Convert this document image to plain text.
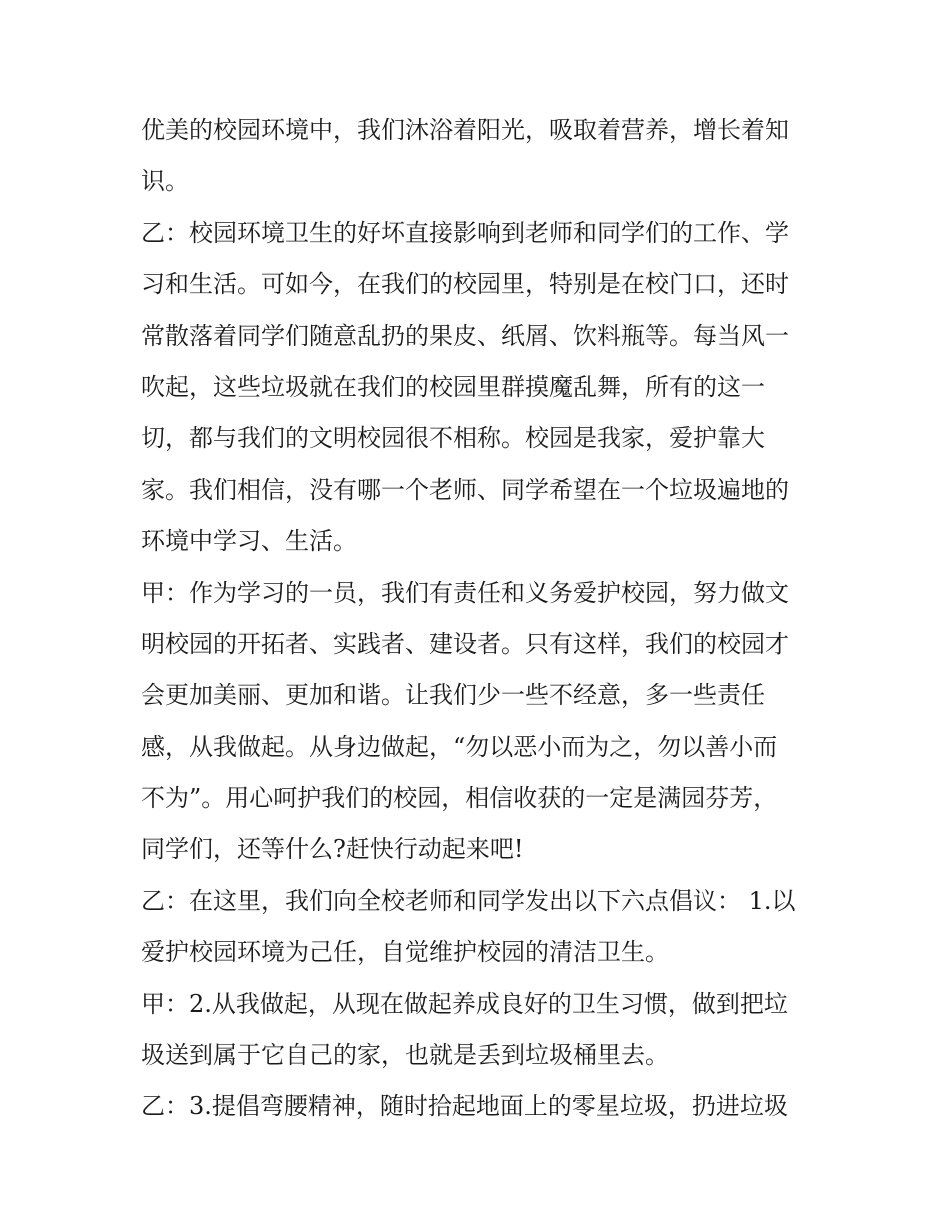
优美的校园环境中，我们沐浴着阳光，吸取着营养，增长着知
识。
乙：校园环境卫生的好坏直接影响到老师和同学们的工作、学
习和生活。可如今，在我们的校园里，特别是在校门口，还时
常散落着同学们随意乱扔的果皮、纸屑、饮料瓶等。每当风一
吹起，这些垃圾就在我们的校园里群摸魔乱舞，所有的这一
切，都与我们的文明校园很不相称。校园是我家，爱护靠大
家。我们相信，没有哪一个老师、同学希望在一个垃圾遍地的
环境中学习、生活。
甲：作为学习的一员，我们有责任和义务爱护校园，努力做文
明校园的开拓者、实践者、建设者。只有这样，我们的校园才
会更加美丽、更加和谐。让我们少一些不经意，多一些责任
感，从我做起。从身边做起，“勿以恶小而为之，勿以善小而
不为”。用心呵护我们的校园，相信收获的一定是满园芬芳，
同学们，还等什么?赶快行动起来吧!
乙：在这里，我们向全校老师和同学发出以下六点倡议： 1.以
爱护校园环境为己任，自觉维护校园的清洁卫生。
甲：2.从我做起，从现在做起养成良好的卫生习惯，做到把垃
圾送到属于它自己的家，也就是丢到垃圾桶里去。
乙：3.提倡弯腰精神，随时拾起地面上的零星垃圾，扔进垃圾
